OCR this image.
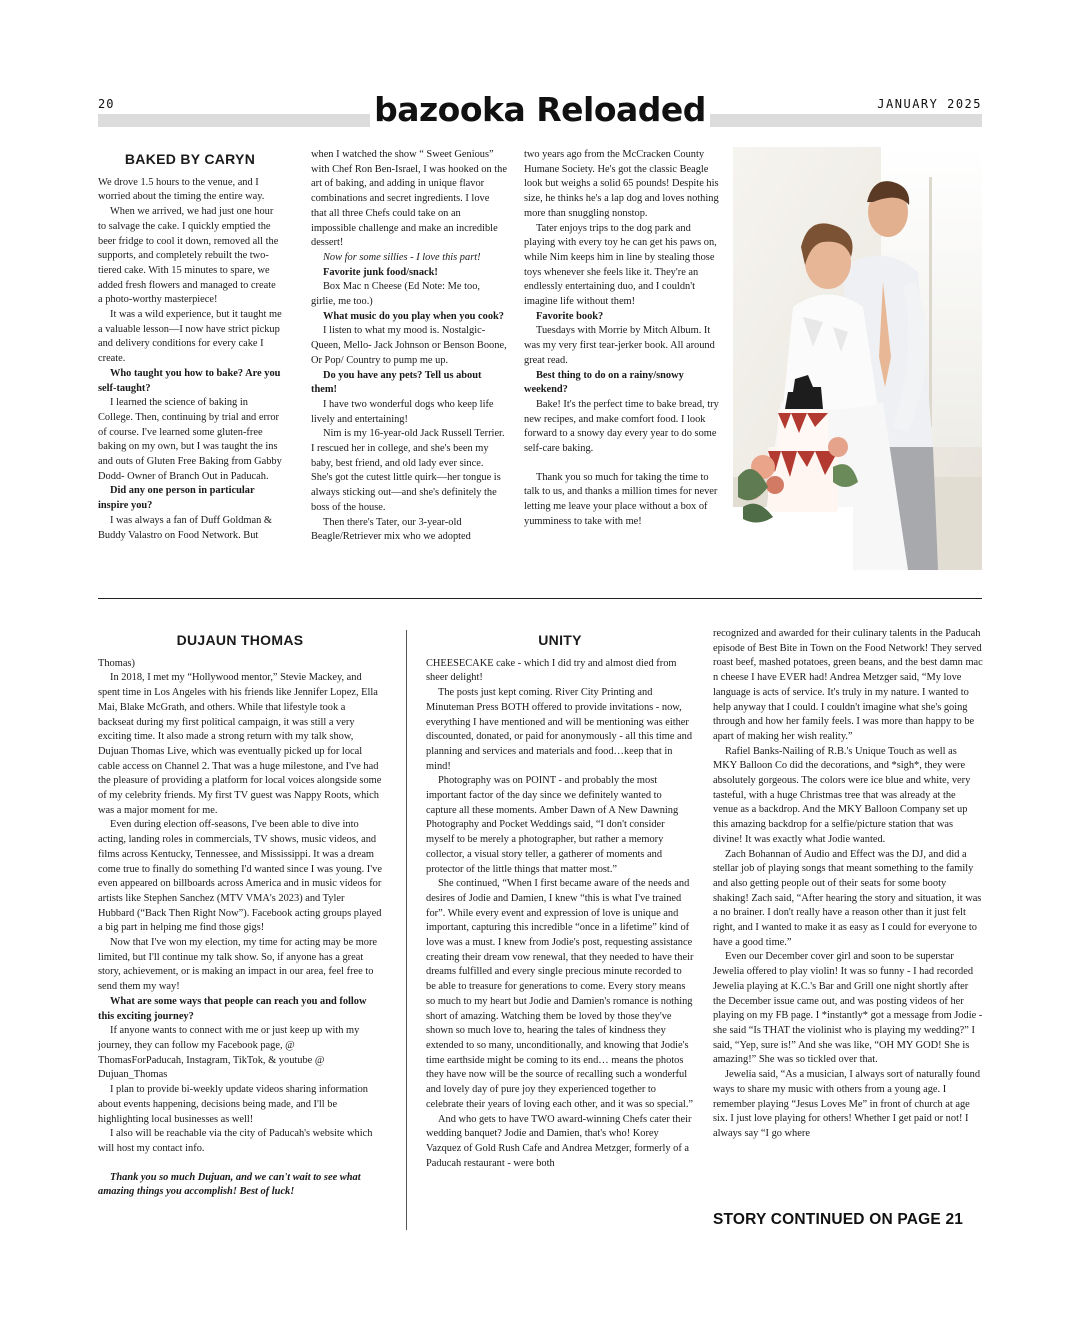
20	bazooka Reloaded	JANUARY 2025
BAKED BY CARYN

We drove 1.5 hours to the venue, and I worried about the timing the entire way.

When we arrived, we had just one hour to salvage the cake. I quickly emptied the beer fridge to cool it down, removed all the supports, and completely rebuilt the two-tiered cake. With 15 minutes to spare, we added fresh flowers and managed to create a photo-worthy masterpiece!

It was a wild experience, but it taught me a valuable lesson—I now have strict pickup and delivery conditions for every cake I create.

Who taught you how to bake? Are you self-taught?

I learned the science of baking in College. Then, continuing by trial and error of course. I've learned some gluten-free baking on my own, but I was taught the ins and outs of Gluten Free Baking from Gabby Dodd- Owner of Branch Out in Paducah.

Did any one person in particular inspire you?

I was always a fan of Duff Goldman & Buddy Valastro on Food Network. But

when I watched the show “ Sweet Genious” with Chef Ron Ben-Israel, I was hooked on the art of baking, and adding in unique flavor combinations and secret ingredients. I love that all three Chefs could take on an impossible challenge and make an incredible dessert!

Now for some sillies - I love this part!

Favorite junk food/snack!

Box Mac n Cheese (Ed Note: Me too, girlie, me too.)

What music do you play when you cook?

I listen to what my mood is. Nostalgic- Queen, Mello- Jack Johnson or Benson Boone, Or Pop/ Country to pump me up.

Do you have any pets? Tell us about them!

I have two wonderful dogs who keep life lively and entertaining!

Nim is my 16-year-old Jack Russell Terrier. I rescued her in college, and she's been my baby, best friend, and old lady ever since. She's got the cutest little quirk—her tongue is always sticking out—and she's definitely the boss of the house.

Then there's Tater, our 3-year-old Beagle/Retriever mix who we adopted

two years ago from the McCracken County Humane Society. He's got the classic Beagle look but weighs a solid 65 pounds! Despite his size, he thinks he's a lap dog and loves nothing more than snuggling nonstop.

Tater enjoys trips to the dog park and playing with every toy he can get his paws on, while Nim keeps him in line by stealing those toys whenever she feels like it. They're an endlessly entertaining duo, and I couldn't imagine life without them!

Favorite book?

Tuesdays with Morrie by Mitch Album. It was my very first tear-jerker book. All around great read.

Best thing to do on a rainy/snowy weekend?

Bake! It's the perfect time to bake bread, try new recipes, and make comfort food. I look forward to a snowy day every year to do some self-care baking.

Thank you so much for taking the time to talk to us, and thanks a million times for never letting me leave your place without a box of yumminess to take with me!

DUJAUN THOMAS

Thomas)

In 2018, I met my “Hollywood mentor,” Stevie Mackey, and spent time in Los Angeles with his friends like Jennifer Lopez, Ella Mai, Blake McGrath, and others. While that lifestyle took a backseat during my first political campaign, it was still a very exciting time. It also made a strong return with my talk show, Dujuan Thomas Live, which was eventually picked up for local cable access on Channel 2. That was a huge milestone, and I've had the pleasure of providing a platform for local voices alongside some of my celebrity friends. My first TV guest was Nappy Roots, which was a major moment for me.

Even during election off-seasons, I've been able to dive into acting, landing roles in commercials, TV shows, music videos, and films across Kentucky, Tennessee, and Mississippi. It was a dream come true to finally do something I'd wanted since I was young. I've even appeared on billboards across America and in music videos for artists like Stephen Sanchez (MTV VMA's 2023) and Tyler Hubbard (“Back Then Right Now”). Facebook acting groups played a big part in helping me find those gigs!

Now that I've won my election, my time for acting may be more limited, but I'll continue my talk show. So, if anyone has a great story, achievement, or is making an impact in our area, feel free to send them my way!

What are some ways that people can reach you and follow this exciting journey?

If anyone wants to connect with me or just keep up with my journey, they can follow my Facebook page, @ ThomasForPaducah, Instagram, TikTok, & youtube @ Dujuan_Thomas

I plan to provide bi-weekly update videos sharing information about events happening, decisions being made, and I'll be highlighting local businesses as well!

I also will be reachable via the city of Paducah's website which will host my contact info.

Thank you so much Dujuan, and we can't wait to see what amazing things you accomplish! Best of luck!

UNITY

CHEESECAKE cake - which I did try and almost died from sheer delight!

The posts just kept coming. River City Printing and Minuteman Press BOTH offered to provide invitations - now, everything I have mentioned and will be mentioning was either discounted, donated, or paid for anonymously - all this time and planning and services and materials and food…keep that in mind!

Photography was on POINT - and probably the most important factor of the day since we definitely wanted to capture all these moments. Amber Dawn of A New Dawning Photography and Pocket Weddings said, “I don't consider myself to be merely a photographer, but rather a memory collector, a visual story teller, a gatherer of moments and protector of the little things that matter most.”

She continued, “When I first became aware of the needs and desires of Jodie and Damien, I knew “this is what I've trained for”. While every event and expression of love is unique and important, capturing this incredible “once in a lifetime” kind of love was a must. I knew from Jodie's post, requesting assistance creating their dream vow renewal, that they needed to have their dreams fulfilled and every single precious minute recorded to be able to treasure for generations to come. Every story means so much to my heart but Jodie and Damien's romance is nothing short of amazing. Watching them be loved by those they've shown so much love to, hearing the tales of kindness they extended to so many, unconditionally, and knowing that Jodie's time earthside might be coming to its end… means the photos they have now will be the source of recalling such a wonderful and lovely day of pure joy they experienced together to celebrate their years of loving each other, and it was so special.”

And who gets to have TWO award-winning Chefs cater their wedding banquet? Jodie and Damien, that's who! Korey Vazquez of Gold Rush Cafe and Andrea Metzger, formerly of a Paducah restaurant - were both

recognized and awarded for their culinary talents in the Paducah episode of Best Bite in Town on the Food Network! They served roast beef, mashed potatoes, green beans, and the best damn mac n cheese I have EVER had! Andrea Metzger said, “My love language is acts of service. It's truly in my nature. I wanted to help anyway that I could. I couldn't imagine what she's going through and how her family feels. I was more than happy to be apart of making her wish reality.”

Rafiel Banks-Nailing of R.B.'s Unique Touch as well as MKY Balloon Co did the decorations, and *sigh*, they were absolutely gorgeous. The colors were ice blue and white, very tasteful, with a huge Christmas tree that was already at the venue as a backdrop. And the MKY Balloon Company set up this amazing backdrop for a selfie/picture station that was divine! It was exactly what Jodie wanted.

Zach Bohannan of Audio and Effect was the DJ, and did a stellar job of playing songs that meant something to the family and also getting people out of their seats for some booty shaking! Zach said, “After hearing the story and situation, it was a no brainer. I don't really have a reason other than it just felt right, and I wanted to make it as easy as I could for everyone to have a good time.”

Even our December cover girl and soon to be superstar Jewelia offered to play violin! It was so funny - I had recorded Jewelia playing at K.C.'s Bar and Grill one night shortly after the December issue came out, and was posting videos of her playing on my FB page. I *instantly* got a message from Jodie - she said “Is THAT the violinist who is playing my wedding?” I said, “Yep, sure is!” And she was like, “OH MY GOD! She is amazing!” She was so tickled over that.

Jewelia said, “As a musician, I always sort of naturally found ways to share my music with others from a young age. I remember playing “Jesus Loves Me” in front of church at age six. I just love playing for others! Whether I get paid or not! I always say “I go where

STORY CONTINUED ON PAGE 21
